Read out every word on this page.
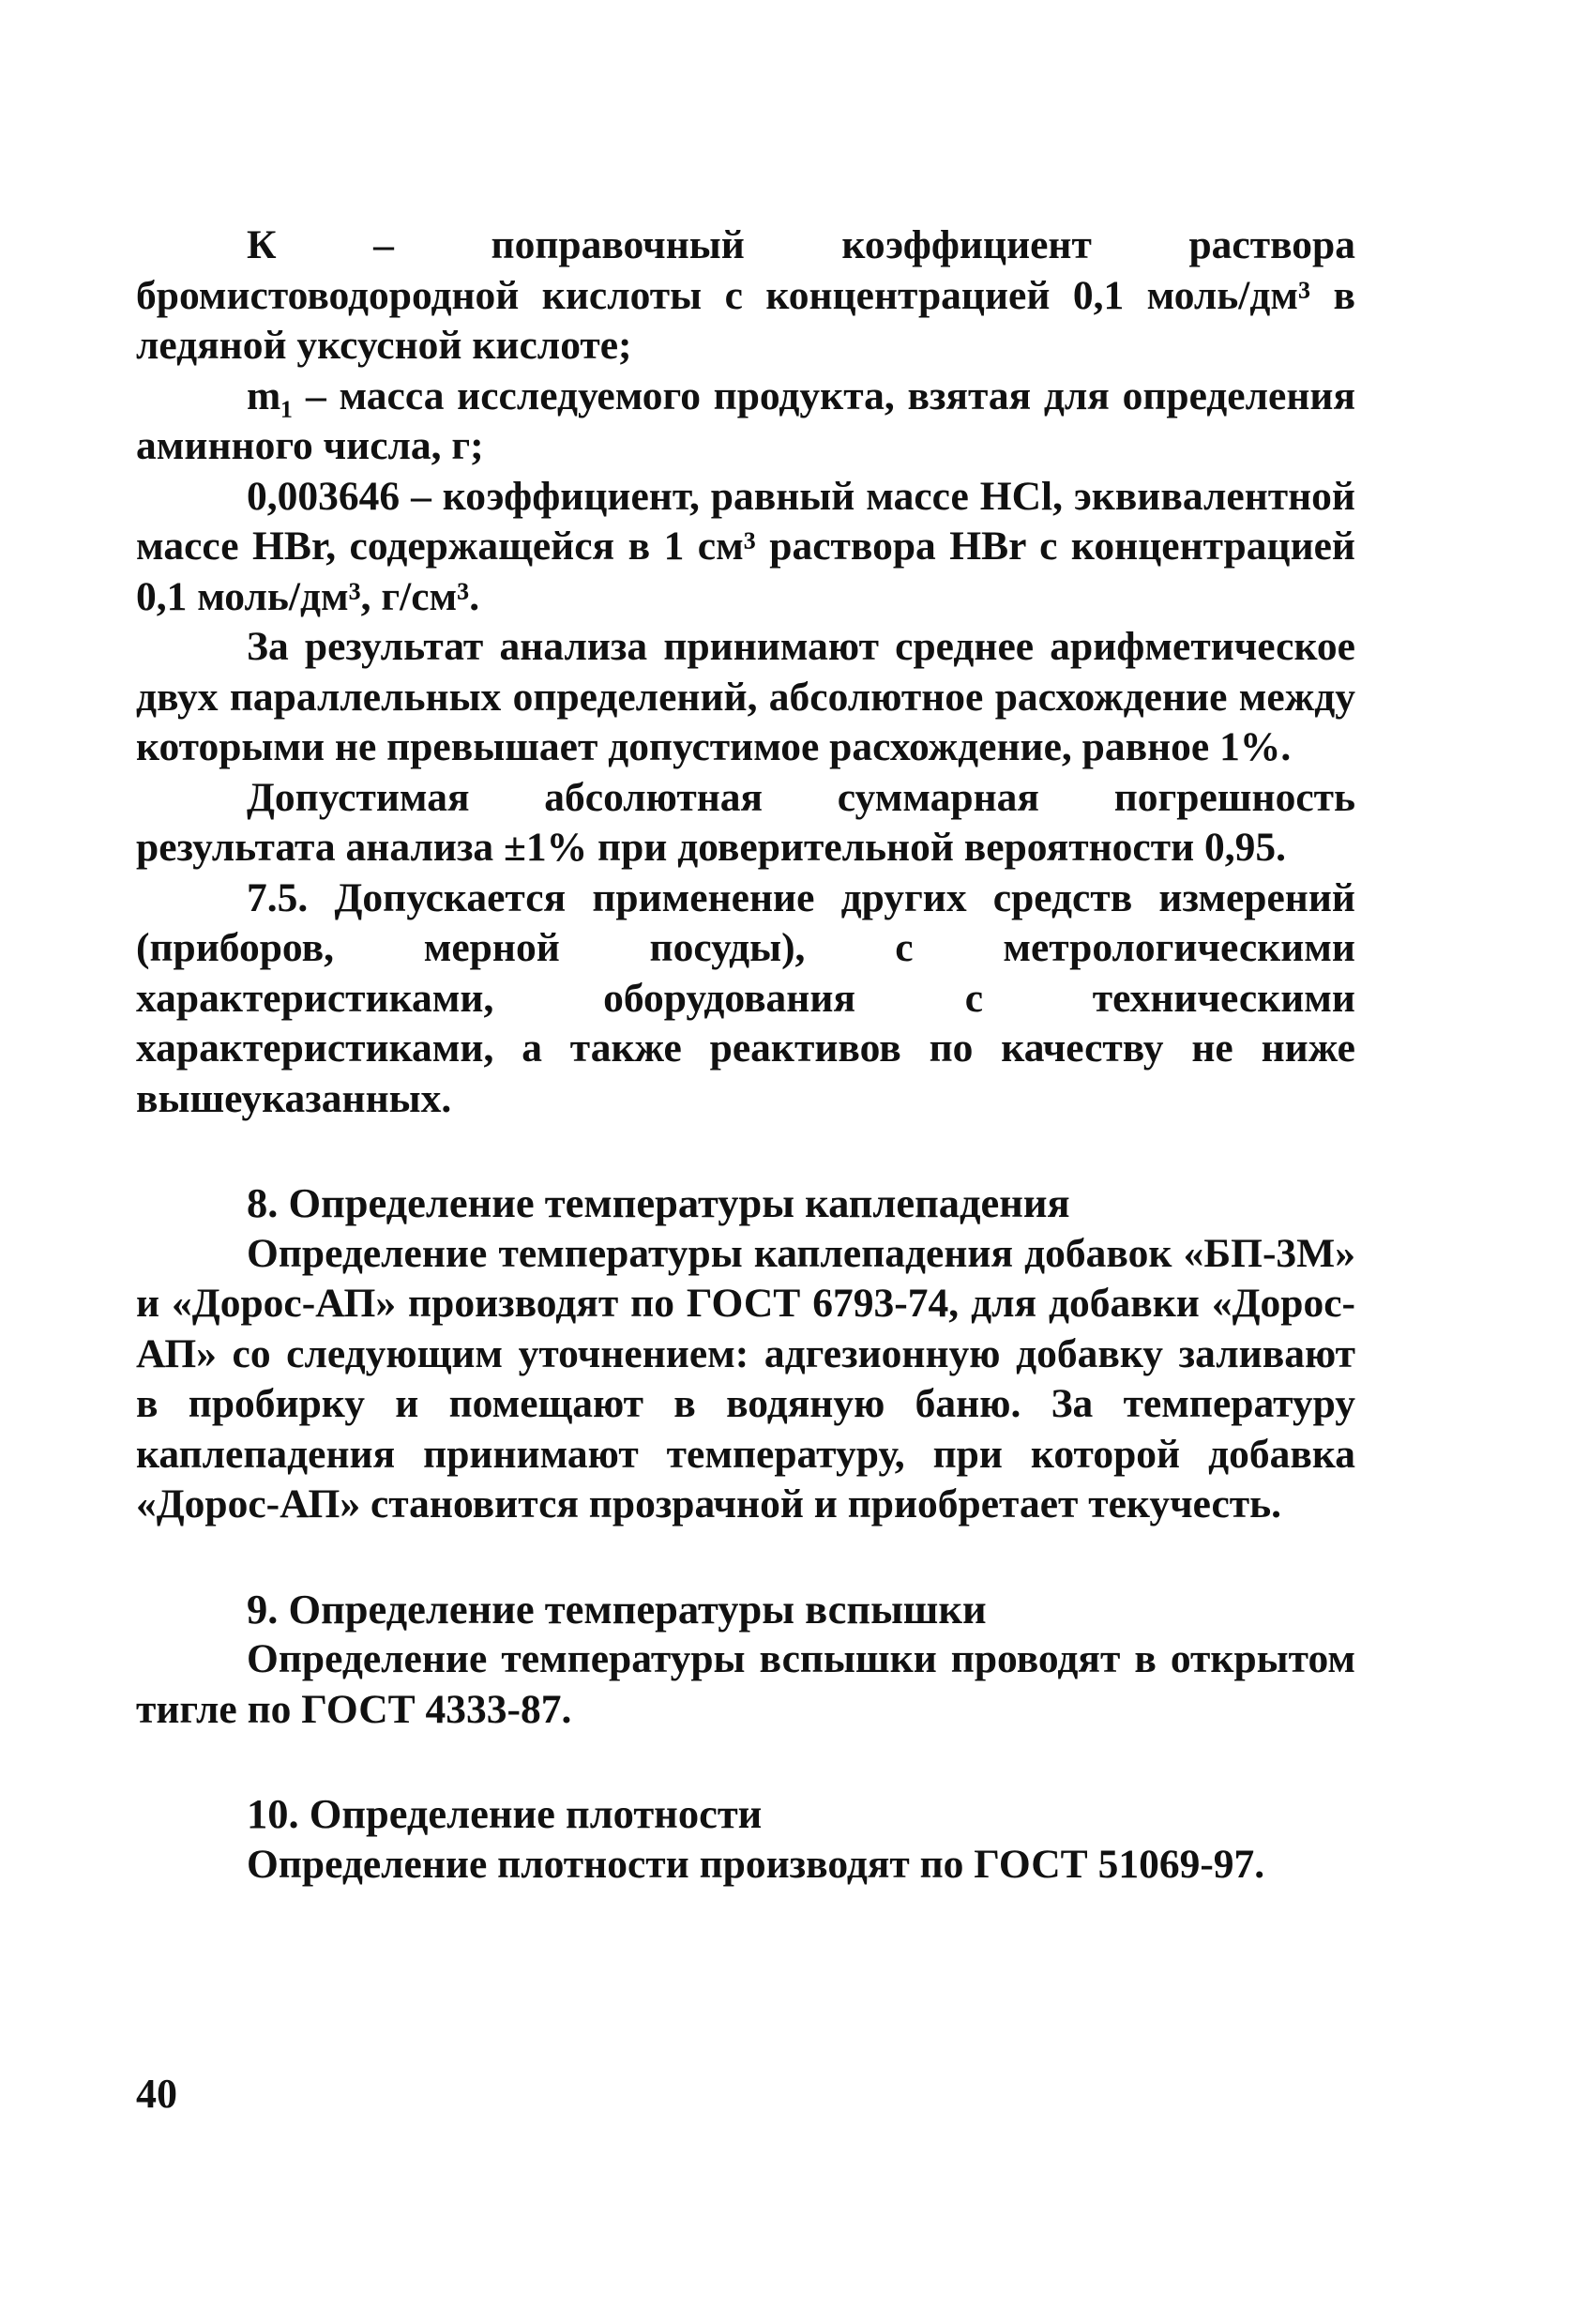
К – поправочный коэффициент раствора бромистоводородной кислоты с концентрацией 0,1 моль/дм³ в ледяной уксусной кислоте;

m₁ – масса исследуемого продукта, взятая для определения аминного числа, г;

0,003646 – коэффициент, равный массе HCl, эквивалентной массе HBr, содержащейся в 1 см³ раствора HBr с концентрацией 0,1 моль/дм³, г/см³.

За результат анализа принимают среднее арифметическое двух параллельных определений, абсолютное расхождение между которыми не превышает допустимое расхождение, равное 1%.

Допустимая абсолютная суммарная погрешность результата анализа ±1% при доверительной вероятности 0,95.

7.5. Допускается применение других средств измерений (приборов, мерной посуды), с метрологическими характеристиками, оборудования с техническими характеристиками, а также реактивов по качеству не ниже вышеуказанных.

8. Определение температуры каплепадения

Определение температуры каплепадения добавок «БП-3М» и «Дорос-АП» производят по ГОСТ 6793-74, для добавки «Дорос-АП» со следующим уточнением: адгезионную добавку заливают в пробирку и помещают в водяную баню. За температуру каплепадения принимают температуру, при которой добавка «Дорос-АП» становится прозрачной и приобретает текучесть.

9. Определение температуры вспышки

Определение температуры вспышки проводят в открытом тигле по ГОСТ 4333-87.

10. Определение плотности

Определение плотности производят по ГОСТ 51069-97.

40
